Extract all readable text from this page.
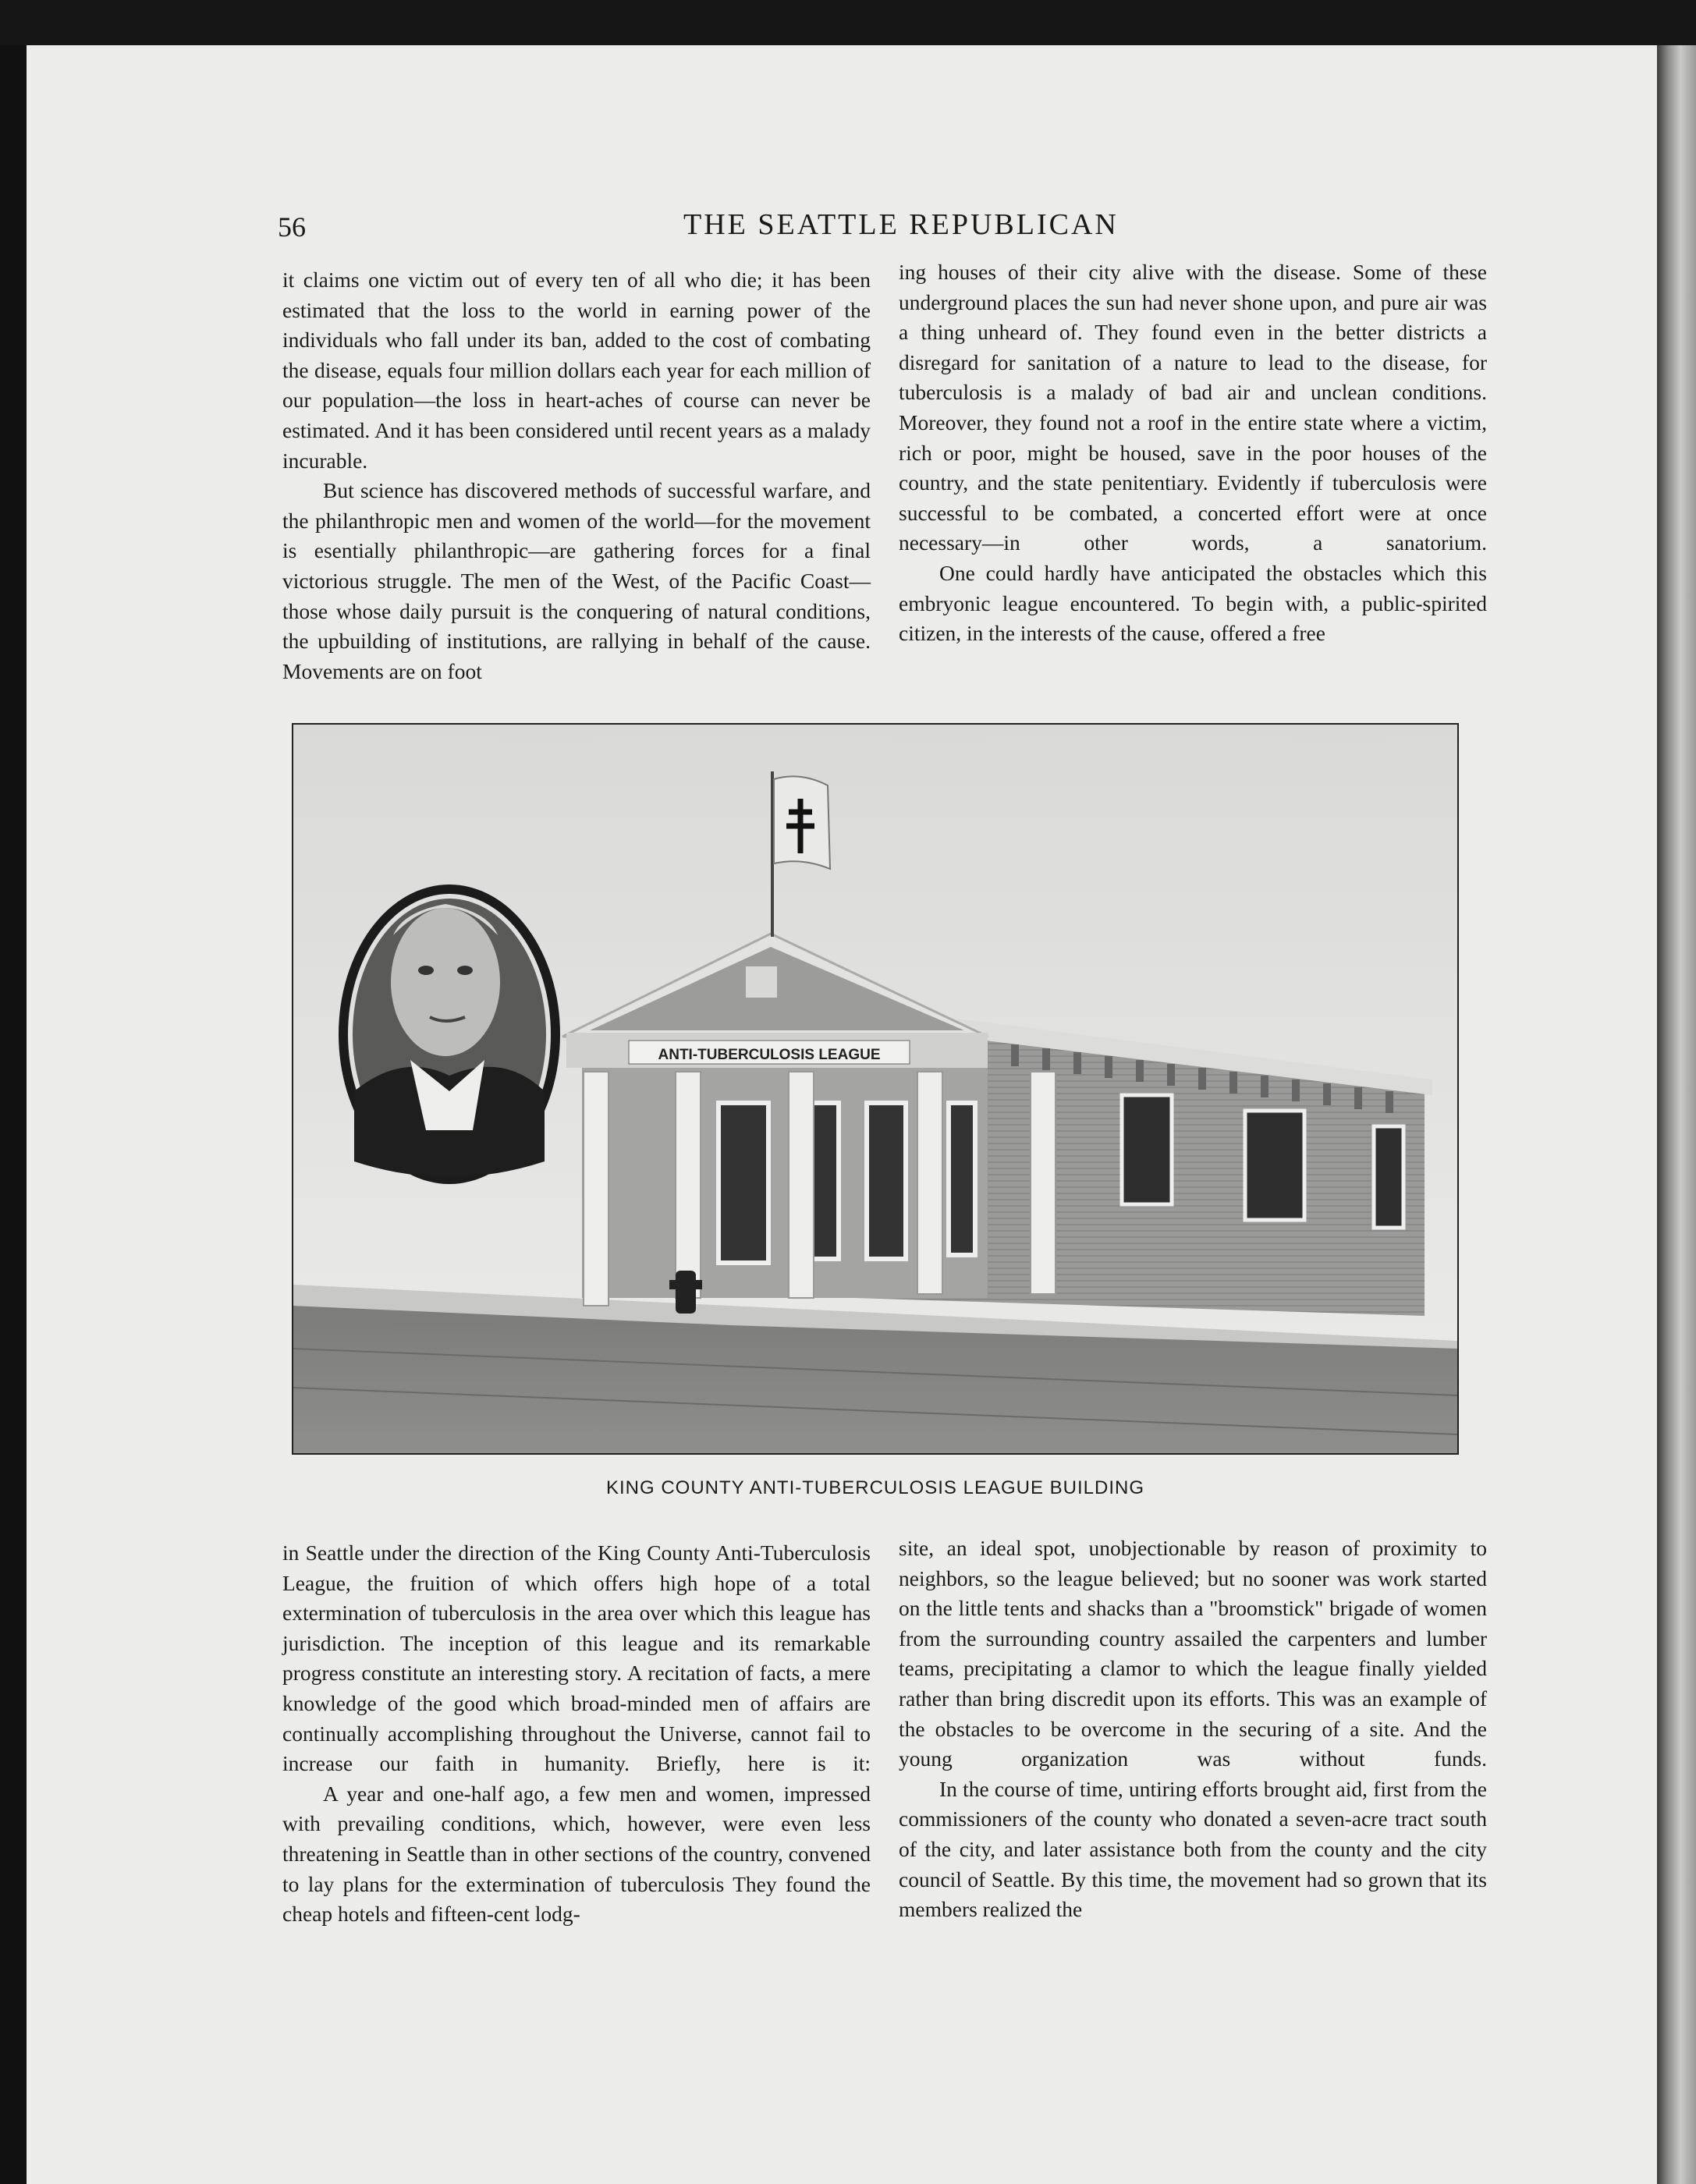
56	THE SEATTLE REPUBLICAN

it claims one victim out of every ten of all who die; it has been estimated that the loss to the world in earning power of the individuals who fall under its ban, added to the cost of combating the disease, equals four million dollars each year for each million of our population—the loss in heart-aches of course can never be estimated. And it has been considered until recent years as a malady incurable.

But science has discovered methods of successful warfare, and the philanthropic men and women of the world—for the movement is esentially philanthropic—are gathering forces for a final victorious struggle. The men of the West, of the Pacific Coast—those whose daily pursuit is the conquering of natural conditions, the upbuilding of institutions, are rallying in behalf of the cause. Movements are on foot

ing houses of their city alive with the disease. Some of these underground places the sun had never shone upon, and pure air was a thing unheard of. They found even in the better districts a disregard for sanitation of a nature to lead to the disease, for tuberculosis is a malady of bad air and unclean conditions. Moreover, they found not a roof in the entire state where a victim, rich or poor, might be housed, save in the poor houses of the country, and the state penitentiary. Evidently if tuberculosis were successful to be combated, a concerted effort were at once necessary—in other words, a sanatorium.

One could hardly have anticipated the obstacles which this embryonic league encountered. To begin with, a public-spirited citizen, in the interests of the cause, offered a free

ANTI-TUBERCULOSIS LEAGUE
KING COUNTY ANTI-TUBERCULOSIS LEAGUE BUILDING

in Seattle under the direction of the King County Anti-Tuberculosis League, the fruition of which offers high hope of a total extermination of tuberculosis in the area over which this league has jurisdiction. The inception of this league and its remarkable progress constitute an interesting story. A recitation of facts, a mere knowledge of the good which broad-minded men of affairs are continually accomplishing throughout the Universe, cannot fail to increase our faith in humanity. Briefly, here is it:

A year and one-half ago, a few men and women, impressed with prevailing conditions, which, however, were even less threatening in Seattle than in other sections of the country, convened to lay plans for the extermination of tuberculosis They found the cheap hotels and fifteen-cent lodg-

site, an ideal spot, unobjectionable by reason of proximity to neighbors, so the league believed; but no sooner was work started on the little tents and shacks than a "broomstick" brigade of women from the surrounding country assailed the carpenters and lumber teams, precipitating a clamor to which the league finally yielded rather than bring discredit upon its efforts. This was an example of the obstacles to be overcome in the securing of a site. And the young organization was without funds.

In the course of time, untiring efforts brought aid, first from the commissioners of the county who donated a seven-acre tract south of the city, and later assistance both from the county and the city council of Seattle. By this time, the movement had so grown that its members realized the
